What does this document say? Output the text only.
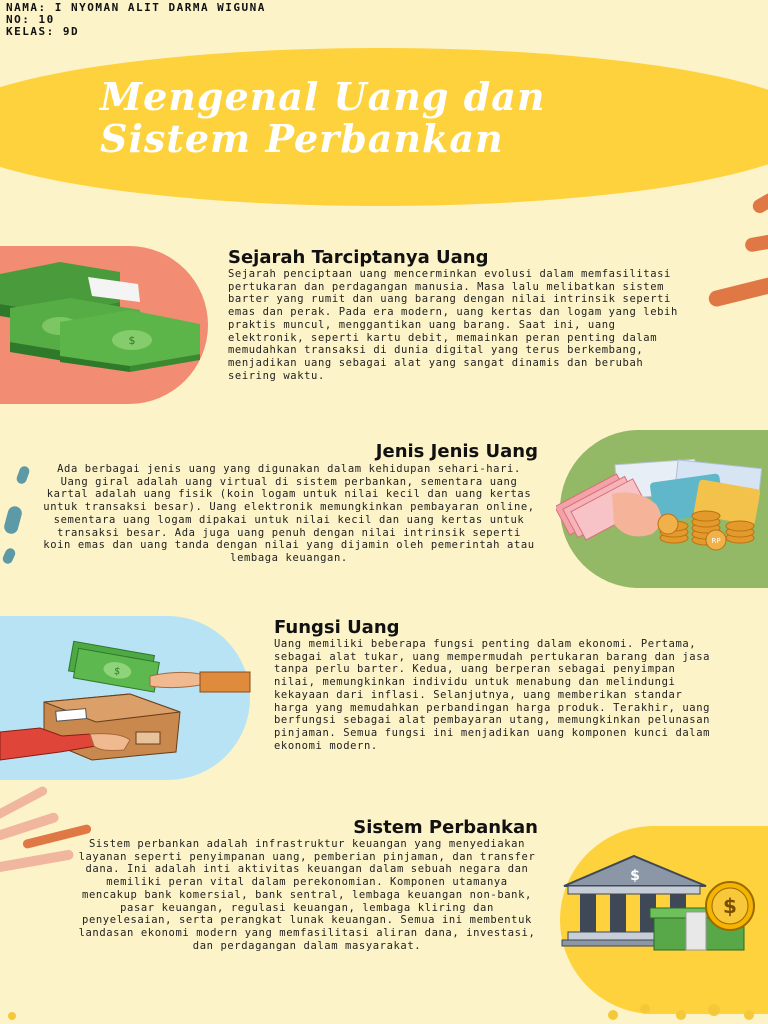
NAMA: I NYOMAN ALIT DARMA WIGUNA
NO: 10
KELAS: 9D
Mengenal Uang dan
Sistem Perbankan
$
Sejarah Tarciptanya Uang

Sejarah penciptaan uang mencerminkan evolusi dalam memfasilitasi pertukaran dan perdagangan manusia. Masa lalu melibatkan sistem barter yang rumit dan uang barang dengan nilai intrinsik seperti emas dan perak. Pada era modern, uang kertas dan logam yang lebih praktis muncul, menggantikan uang barang. Saat ini, uang elektronik, seperti kartu debit, memainkan peran penting dalam memudahkan transaksi di dunia digital yang terus berkembang, menjadikan uang sebagai alat yang sangat dinamis dan berubah seiring waktu.

Jenis Jenis Uang

Ada berbagai jenis uang yang digunakan dalam kehidupan sehari-hari. Uang giral adalah uang virtual di sistem perbankan, sementara uang kartal adalah uang fisik (koin logam untuk nilai kecil dan uang kertas untuk transaksi besar). Uang elektronik memungkinkan pembayaran online, sementara uang logam dipakai untuk nilai kecil dan uang kertas untuk transaksi besar. Ada juga uang penuh dengan nilai intrinsik seperti koin emas dan uang tanda dengan nilai yang dijamin oleh pemerintah atau lembaga keuangan.

RP
$
Fungsi Uang

Uang memiliki beberapa fungsi penting dalam ekonomi. Pertama, sebagai alat tukar, uang mempermudah pertukaran barang dan jasa tanpa perlu barter. Kedua, uang berperan sebagai penyimpan nilai, memungkinkan individu untuk menabung dan melindungi kekayaan dari inflasi. Selanjutnya, uang memberikan standar harga yang memudahkan perbandingan harga produk. Terakhir, uang berfungsi sebagai alat pembayaran utang, memungkinkan pelunasan pinjaman. Semua fungsi ini menjadikan uang komponen kunci dalam ekonomi modern.

Sistem Perbankan

Sistem perbankan adalah infrastruktur keuangan yang menyediakan layanan seperti penyimpanan uang, pemberian pinjaman, dan transfer dana. Ini adalah inti aktivitas keuangan dalam sebuah negara dan memiliki peran vital dalam perekonomian. Komponen utamanya mencakup bank komersial, bank sentral, lembaga keuangan non-bank, pasar keuangan, regulasi keuangan, lembaga kliring dan penyelesaian, serta perangkat lunak keuangan. Semua ini membentuk landasan ekonomi modern yang memfasilitasi aliran dana, investasi, dan perdagangan dalam masyarakat.

$
$
